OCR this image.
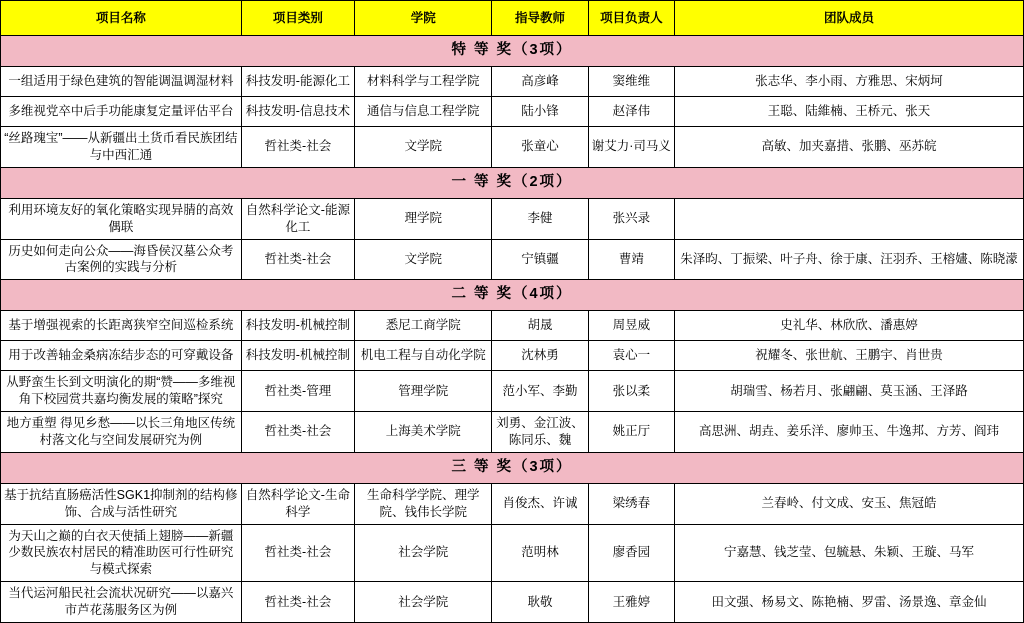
项目名称	项目类别	学院	指导教师	项目负责人	团队成员
特 等 奖（3项）					
一组适用于绿色建筑的智能调温调湿材料	科技发明-能源化工	材料科学与工程学院	高彦峰	窦维维	张志华、李小雨、方雅思、宋炳坷
多维视党卒中后手功能康复定量评估平台	科技发明-信息技术	通信与信息工程学院	陆小锋	赵泽伟	王聪、陆維楠、王桥元、张天
“丝路瑰宝”——从新疆出土货币看民族团结与中西汇通	哲社类-社会	文学院	张童心	谢艾力·司马义	高敏、加夹嘉措、张鹏、巫苏皖
一 等 奖（2项）					
利用环境友好的氧化策略实现异腈的高效偶联	自然科学论文-能源化工	理学院	李健	张兴录	
历史如何走向公众——海昏侯汉墓公众考古案例的实践与分析	哲社类-社会	文学院	宁镇疆	曹靖	朱泽昀、丁振梁、叶子舟、徐于康、汪羽乔、王榕嫿、陈晓濛
二 等 奖（4项）					
基于增强视索的长距离狭窄空间巡检系统	科技发明-机械控制	悉尼工商学院	胡晟	周昱威	史礼华、林欣欣、潘惠婷
用于改善轴金桑病冻结步态的可穿戴设备	科技发明-机械控制	机电工程与自动化学院	沈林勇	袁心一	祝耀冬、张世航、王鹏宇、肖世贵
从野蛮生长到文明演化的期“赞——多维视角下校园赏共嘉均衡发展的策略”探究	哲社类-管理	管理学院	范小军、李勤	张以柔	胡瑞雪、杨若月、张翩翩、莫玉涵、王泽路
地方重塑 得见乡愁——以长三角地区传统村落文化与空间发展研究为例	哲社类-社会	上海美术学院	刘勇、金江波、陈同乐、魏	姚正厅	高思洲、胡垚、姜乐洋、廖帅玉、牛逸邦、方芳、阎玮
三 等 奖（3项）					
基于抗结直肠癌活性SGK1抑制剂的结构修饰、合成与活性研究	自然科学论文-生命科学	生命科学学院、理学院、钱伟长学院	肖俊杰、许诚	梁绣春	兰春岭、付文成、安玉、焦冠皓
为天山之巅的白衣天使插上翅膀——新疆少数民族农村居民的精准助医可行性研究与模式探索	哲社类-社会	社会学院	范明林	廖香园	宁嘉慧、钱芝莹、包毓悬、朱颖、王璇、马军
当代运河船民社会流状况研究——以嘉兴市芦花荡服务区为例	哲社类-社会	社会学院	耿敬	王雅婷	田文强、杨易文、陈艳楠、罗雷、汤景逸、章金仙
